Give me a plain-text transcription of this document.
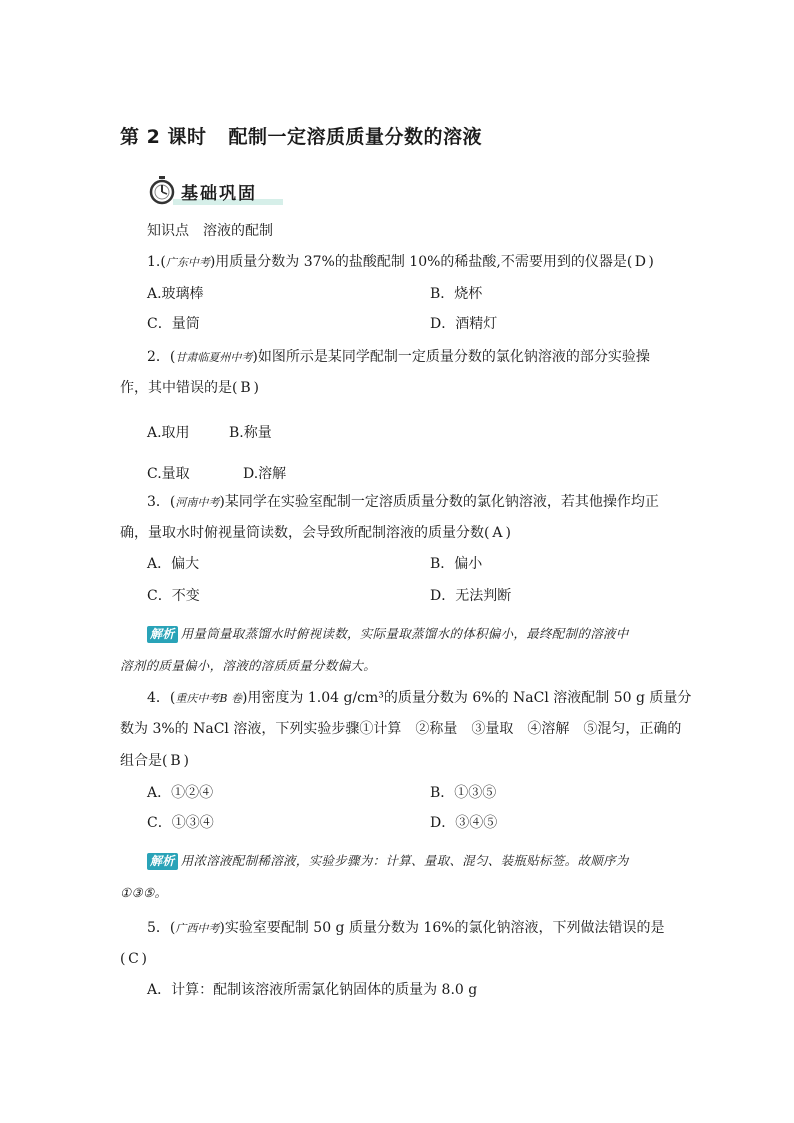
第 2 课时 配制一定溶质质量分数的溶液
基础巩固
知识点　溶液的配制
1.(广东中考)用质量分数为 37%的盐酸配制 10%的稀盐酸,不需要用到的仪器是( D )
A.玻璃棒	B．烧杯
C．量筒	D．酒精灯
2．(甘肃临夏州中考)如图所示是某同学配制一定质量分数的氯化钠溶液的部分实验操
作，其中错误的是( B )
A.取用	B.称量
C.量取	D.溶解
3．(河南中考)某同学在实验室配制一定溶质质量分数的氯化钠溶液，若其他操作均正
确，量取水时俯视量筒读数，会导致所配制溶液的质量分数( A )
A．偏大	B．偏小
C．不变	D．无法判断
解析 用量筒量取蒸馏水时俯视读数，实际量取蒸馏水的体积偏小，最终配制的溶液中
溶剂的质量偏小，溶液的溶质质量分数偏大。
4．(重庆中考B 卷)用密度为 1.04 g/cm³的质量分数为 6%的 NaCl 溶液配制 50 g 质量分
数为 3%的 NaCl 溶液，下列实验步骤①计算　②称量　③量取　④溶解　⑤混匀，正确的
组合是( B )
A．①②④	B．①③⑤
C．①③④	D．③④⑤
解析 用浓溶液配制稀溶液，实验步骤为：计算、量取、混匀、装瓶贴标签。故顺序为
①③⑤。
5．(广西中考)实验室要配制 50 g 质量分数为 16%的氯化钠溶液，下列做法错误的是
( C )
A．计算：配制该溶液所需氯化钠固体的质量为 8.0 g
